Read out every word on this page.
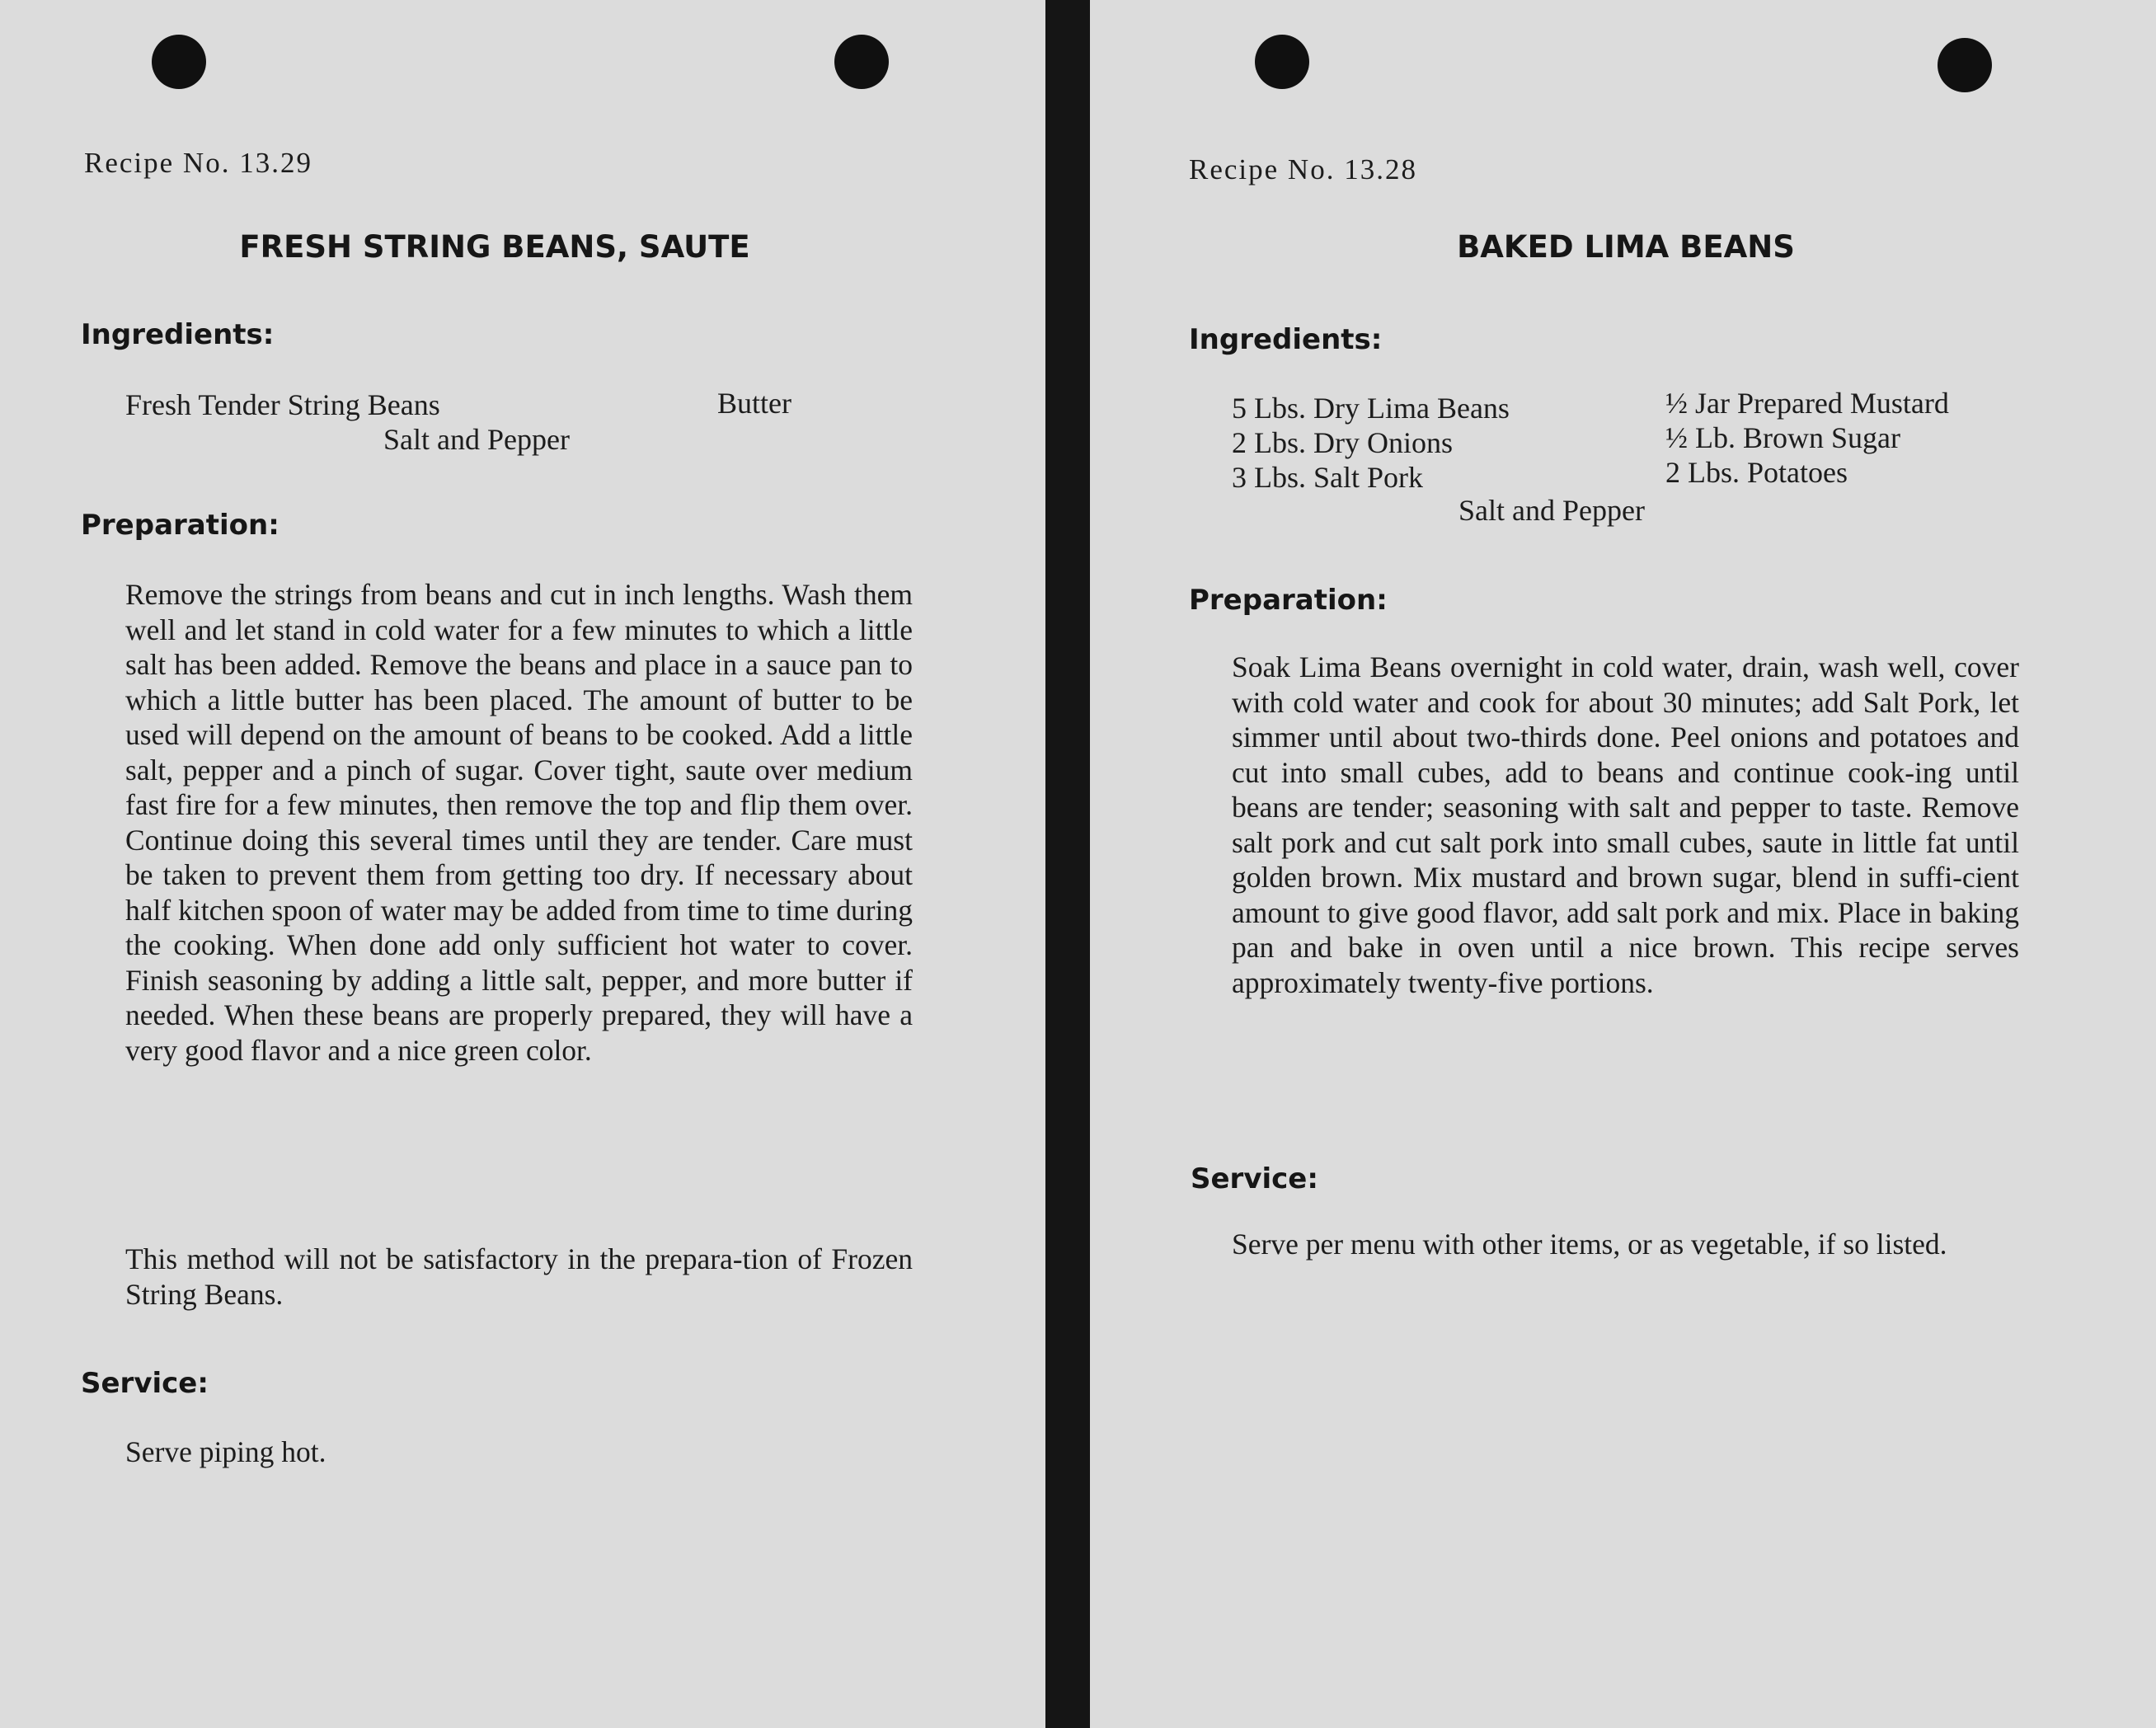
Recipe No. 13.29
FRESH STRING BEANS, SAUTE
Ingredients:
Fresh Tender String Beans	Butter
Salt and Pepper
Preparation:

Remove the strings from beans and cut in inch lengths. Wash them well and let stand in cold water for a few minutes to which a little salt has been added. Remove the beans and place in a sauce pan to which a little butter has been placed. The amount of butter to be used will depend on the amount of beans to be cooked. Add a little salt, pepper and a pinch of sugar. Cover tight, saute over medium fast fire for a few minutes, then remove the top and flip them over. Continue doing this several times until they are tender. Care must be taken to prevent them from getting too dry. If necessary about half kitchen spoon of water may be added from time to time during the cooking. When done add only sufficient hot water to cover. Finish seasoning by adding a little salt, pepper, and more butter if needed. When these beans are properly prepared, they will have a very good flavor and a nice green color.

This method will not be satisfactory in the prepara-tion of Frozen String Beans.

Service:

Serve piping hot.

Recipe No. 13.28
BAKED LIMA BEANS
Ingredients:
5 Lbs. Dry Lima Beans
2 Lbs. Dry Onions
3 Lbs. Salt Pork
½ Jar Prepared Mustard
½ Lb. Brown Sugar
2 Lbs. Potatoes
Salt and Pepper
Preparation:

Soak Lima Beans overnight in cold water, drain, wash well, cover with cold water and cook for about 30 minutes; add Salt Pork, let simmer until about two-thirds done. Peel onions and potatoes and cut into small cubes, add to beans and continue cook-ing until beans are tender; seasoning with salt and pepper to taste. Remove salt pork and cut salt pork into small cubes, saute in little fat until golden brown. Mix mustard and brown sugar, blend in suffi-cient amount to give good flavor, add salt pork and mix. Place in baking pan and bake in oven until a nice brown. This recipe serves approximately twenty-five portions.

Service:

Serve per menu with other items, or as vegetable, if so listed.
